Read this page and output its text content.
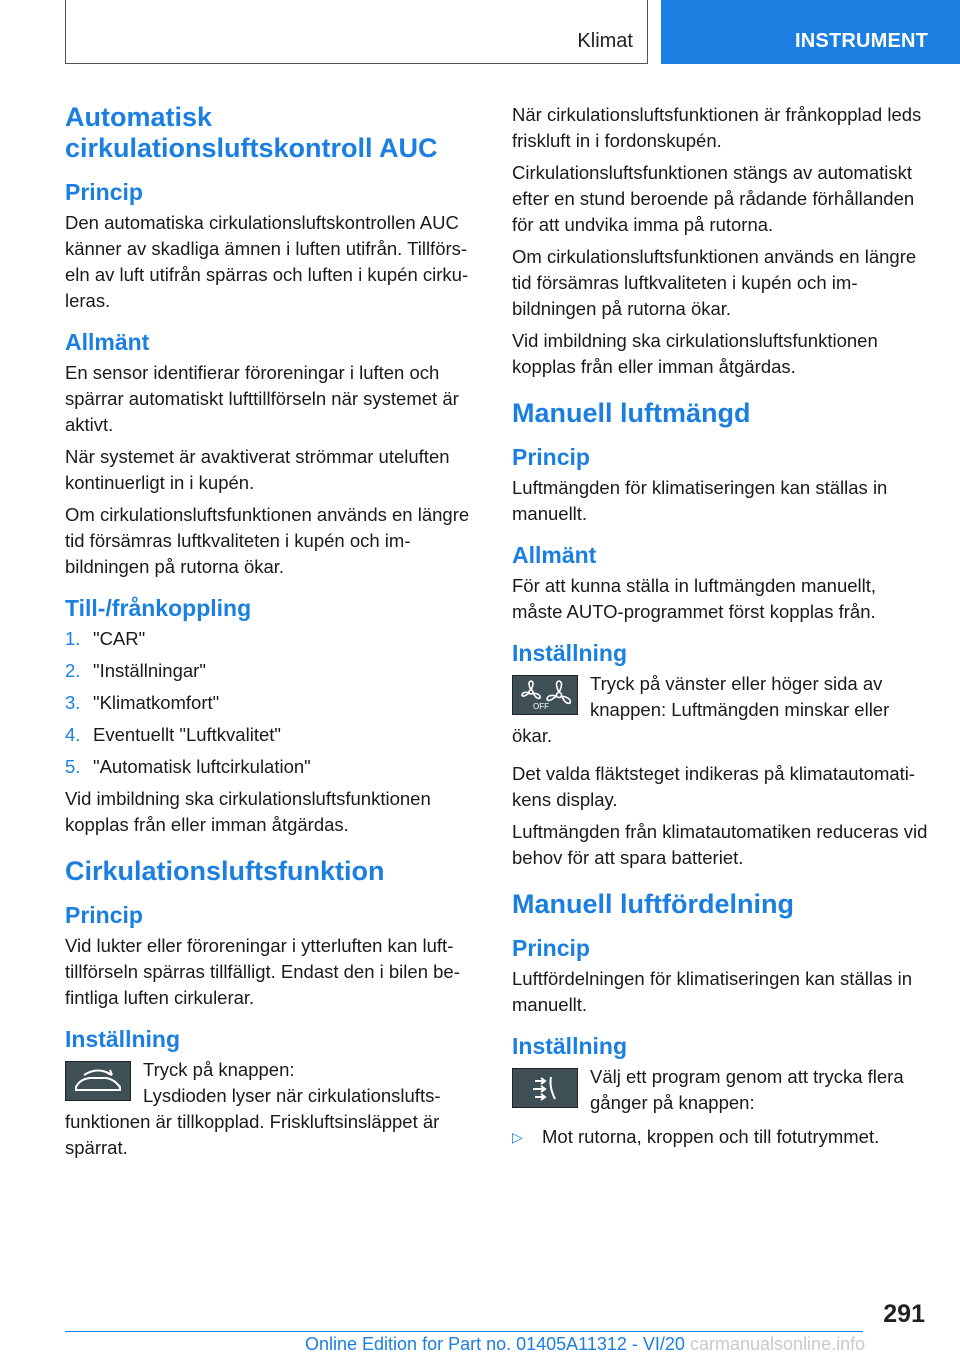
Klimat	INSTRUMENT
Automatisk cirkulationsluftskontroll AUC
Princip

Den automatiska cirkulationsluftskontrollen AUC känner av skadliga ämnen i luften utifrån. Tillförseln av luft utifrån spärras och luften i kupén cirkuleras.

Allmänt

En sensor identifierar föroreningar i luften och spärrar automatiskt lufttillförseln när systemet är aktivt.

När systemet är avaktiverat strömmar uteluften kontinuerligt in i kupén.

Om cirkulationsluftsfunktionen används en längre tid försämras luftkvaliteten i kupén och imbildningen på rutorna ökar.

Till-/frånkoppling
1. "CAR"
2. "Inställningar"
3. "Klimatkomfort"
4. Eventuellt "Luftkvalitet"
5. "Automatisk luftcirkulation"

Vid imbildning ska cirkulationsluftsfunktionen kopplas från eller imman åtgärdas.

Cirkulationsluftsfunktion
Princip

Vid lukter eller föroreningar i ytterluften kan lufttillförseln spärras tillfälligt. Endast den i bilen befintliga luften cirkulerar.

Inställning

Tryck på knappen:

Lysdioden lyser när cirkulationsluftsfunktionen är tillkopplad. Friskluftsinsläppet är spärrat.

När cirkulationsluftsfunktionen är frånkopplad leds friskluft in i fordonskupén.

Cirkulationsluftsfunktionen stängs av automatiskt efter en stund beroende på rådande förhållanden för att undvika imma på rutorna.

Om cirkulationsluftsfunktionen används en längre tid försämras luftkvaliteten i kupén och imbildningen på rutorna ökar.

Vid imbildning ska cirkulationsluftsfunktionen kopplas från eller imman åtgärdas.

Manuell luftmängd
Princip

Luftmängden för klimatiseringen kan ställas in manuellt.

Allmänt

För att kunna ställa in luftmängden manuellt, måste AUTO-programmet först kopplas från.

Inställning
OFF

Tryck på vänster eller höger sida av knappen: Luftmängden minskar eller ökar.

Det valda fläktsteget indikeras på klimatautomatikens display.

Luftmängden från klimatautomatiken reduceras vid behov för att spara batteriet.

Manuell luftfördelning
Princip

Luftfördelningen för klimatiseringen kan ställas in manuellt.

Inställning

Välj ett program genom att trycka flera gånger på knappen:

▷	Mot rutorna, kroppen och till fotutrymmet.
291
Online Edition for Part no. 01405A11312 - VI/20 carmanualsonline.info
